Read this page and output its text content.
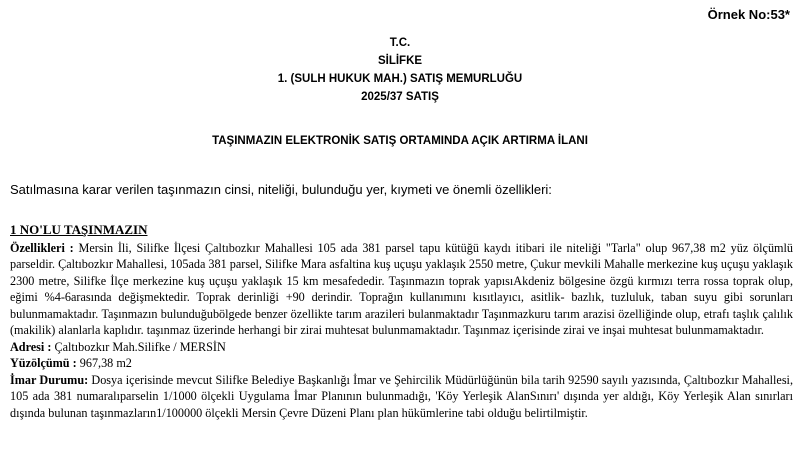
Örnek No:53*
T.C.
SİLİFKE
1. (SULH HUKUK MAH.) SATIŞ MEMURLUĞU
2025/37 SATIŞ
TAŞINMAZIN ELEKTRONİK SATIŞ ORTAMINDA AÇIK ARTIRMA İLANI
Satılmasına karar verilen taşınmazın cinsi, niteliği, bulunduğu yer, kıymeti ve önemli özellikleri:
1 NO'LU TAŞINMAZIN
Özellikleri : Mersin İli, Silifke İlçesi Çaltıbozkır Mahallesi 105 ada 381 parsel tapu kütüğü kaydı itibari ile niteliği "Tarla" olup 967,38 m2 yüz ölçümlü parseldir. Çaltıbozkır Mahallesi, 105ada 381 parsel, Silifke Mara asfaltina kuş uçuşu yaklaşık 2550 metre, Çukur mevkili Mahalle merkezine kuş uçuşu yaklaşık 2300 metre, Silifke İlçe merkezine kuş uçuşu yaklaşık 15 km mesafededir. Taşınmazın toprak yapısıAkdeniz bölgesine özgü kırmızı terra rossa toprak olup, eğimi %4-6arasında değişmektedir. Toprak derinliği +90 derindir. Toprağın kullanımını kısıtlayıcı, asitlik- bazlık, tuzluluk, taban suyu gibi sorunları bulunmamaktadır. Taşınmazın bulunduğubölgede benzer özellikte tarım arazileri bulanmaktadır Taşınmazkuru tarım arazisi özelliğinde olup, etrafı taşlık çalılık (makilik) alanlarla kaplıdır. taşınmaz üzerinde herhangi bir zirai muhtesat bulunmamaktadır. Taşınmaz içerisinde zirai ve inşai muhtesat bulunmamaktadır.
Adresi : Çaltıbozkır Mah.Silifke / MERSİN
Yüzölçümü : 967,38 m2
İmar Durumu: Dosya içerisinde mevcut Silifke Belediye Başkanlığı İmar ve Şehircilik Müdürlüğünün bila tarih 92590 sayılı yazısında, Çaltıbozkır Mahallesi, 105 ada 381 numaralıparselin 1/1000 ölçekli Uygulama İmar Planının bulunmadığı, 'Köy Yerleşik AlanSınırı' dışında yer aldığı, Köy Yerleşik Alan sınırları dışında bulunan taşınmazların1/100000 ölçekli Mersin Çevre Düzeni Planı plan hükümlerine tabi olduğu belirtilmiştir.
